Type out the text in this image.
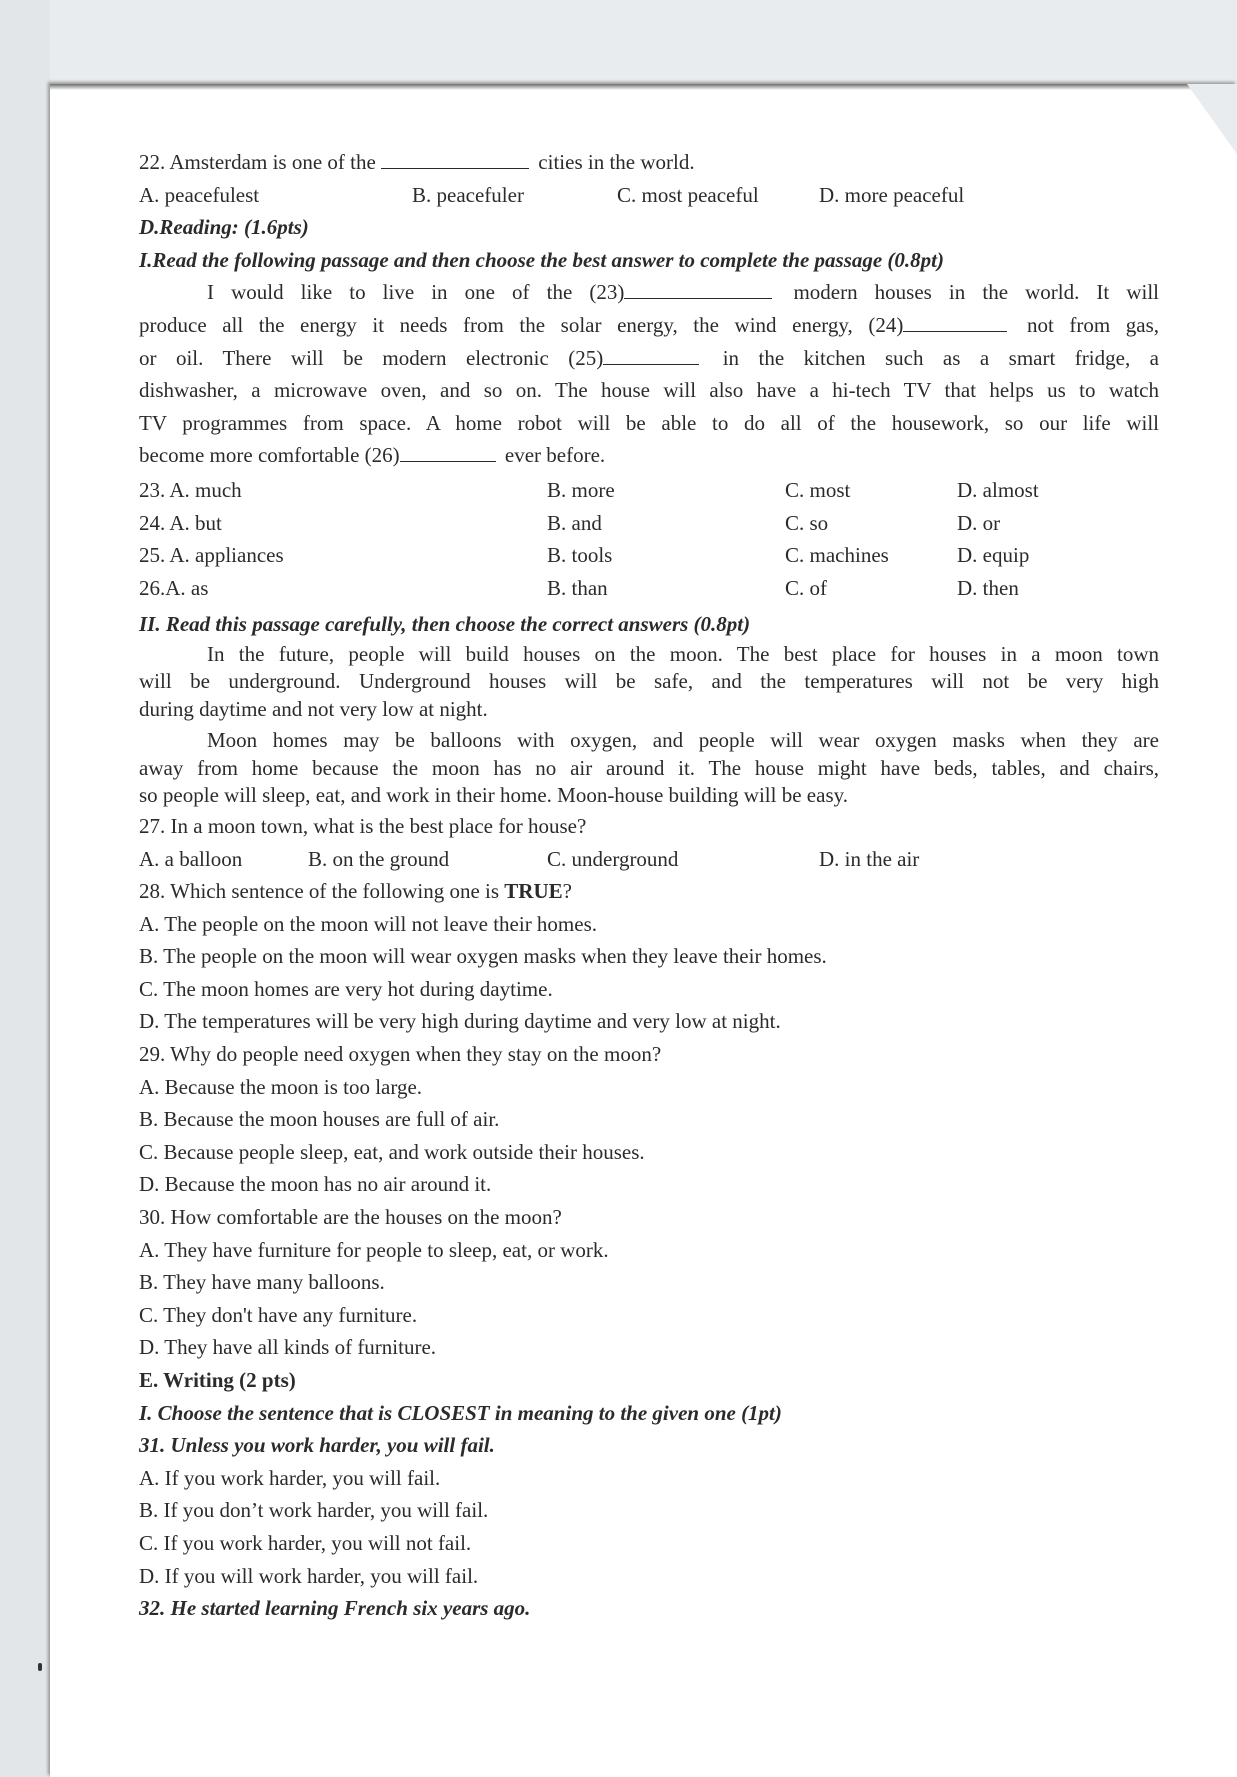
22. Amsterdam is one of the	cities in the world.
A. peacefulest	B. peacefuler	C. most peaceful	D. more peaceful
D.Reading: (1.6pts)
I.Read the following passage and then choose the best answer to complete the passage (0.8pt)
I would like to live in one of the (23)	modern houses in the world. It will
produce all the energy it needs from the solar energy, the wind energy, (24)	not from gas,
or oil. There will be modern electronic (25)	in the kitchen such as a smart fridge, a
dishwasher, a microwave oven, and so on. The house will also have a hi-tech TV that helps us to watch
TV programmes from space. A home robot will be able to do all of the housework, so our life will
become more comfortable (26)	ever before.
23. A. much	B. more	C. most	D. almost
24. A. but	B. and	C. so	D. or
25. A. appliances	B. tools	C. machines	D. equip
26.A. as	B. than	C. of	D. then
II. Read this passage carefully, then choose the correct answers (0.8pt)
In the future, people will build houses on the moon. The best place for houses in a moon town
will be underground. Underground houses will be safe, and the temperatures will not be very high
during daytime and not very low at night.
Moon homes may be balloons with oxygen, and people will wear oxygen masks when they are
away from home because the moon has no air around it. The house might have beds, tables, and chairs,
so people will sleep, eat, and work in their home. Moon-house building will be easy.
27. In a moon town, what is the best place for house?
A. a balloon	B. on the ground	C. underground	D. in the air
28. Which sentence of the following one is TRUE?
A. The people on the moon will not leave their homes.
B. The people on the moon will wear oxygen masks when they leave their homes.
C. The moon homes are very hot during daytime.
D. The temperatures will be very high during daytime and very low at night.
29. Why do people need oxygen when they stay on the moon?
A. Because the moon is too large.
B. Because the moon houses are full of air.
C. Because people sleep, eat, and work outside their houses.
D. Because the moon has no air around it.
30. How comfortable are the houses on the moon?
A. They have furniture for people to sleep, eat, or work.
B. They have many balloons.
C. They don't have any furniture.
D. They have all kinds of furniture.
E. Writing (2 pts)
I. Choose the sentence that is CLOSEST in meaning to the given one (1pt)
31. Unless you work harder, you will fail.
A. If you work harder, you will fail.
B. If you don’t work harder, you will fail.
C. If you work harder, you will not fail.
D. If you will work harder, you will fail.
32. He started learning French six years ago.
